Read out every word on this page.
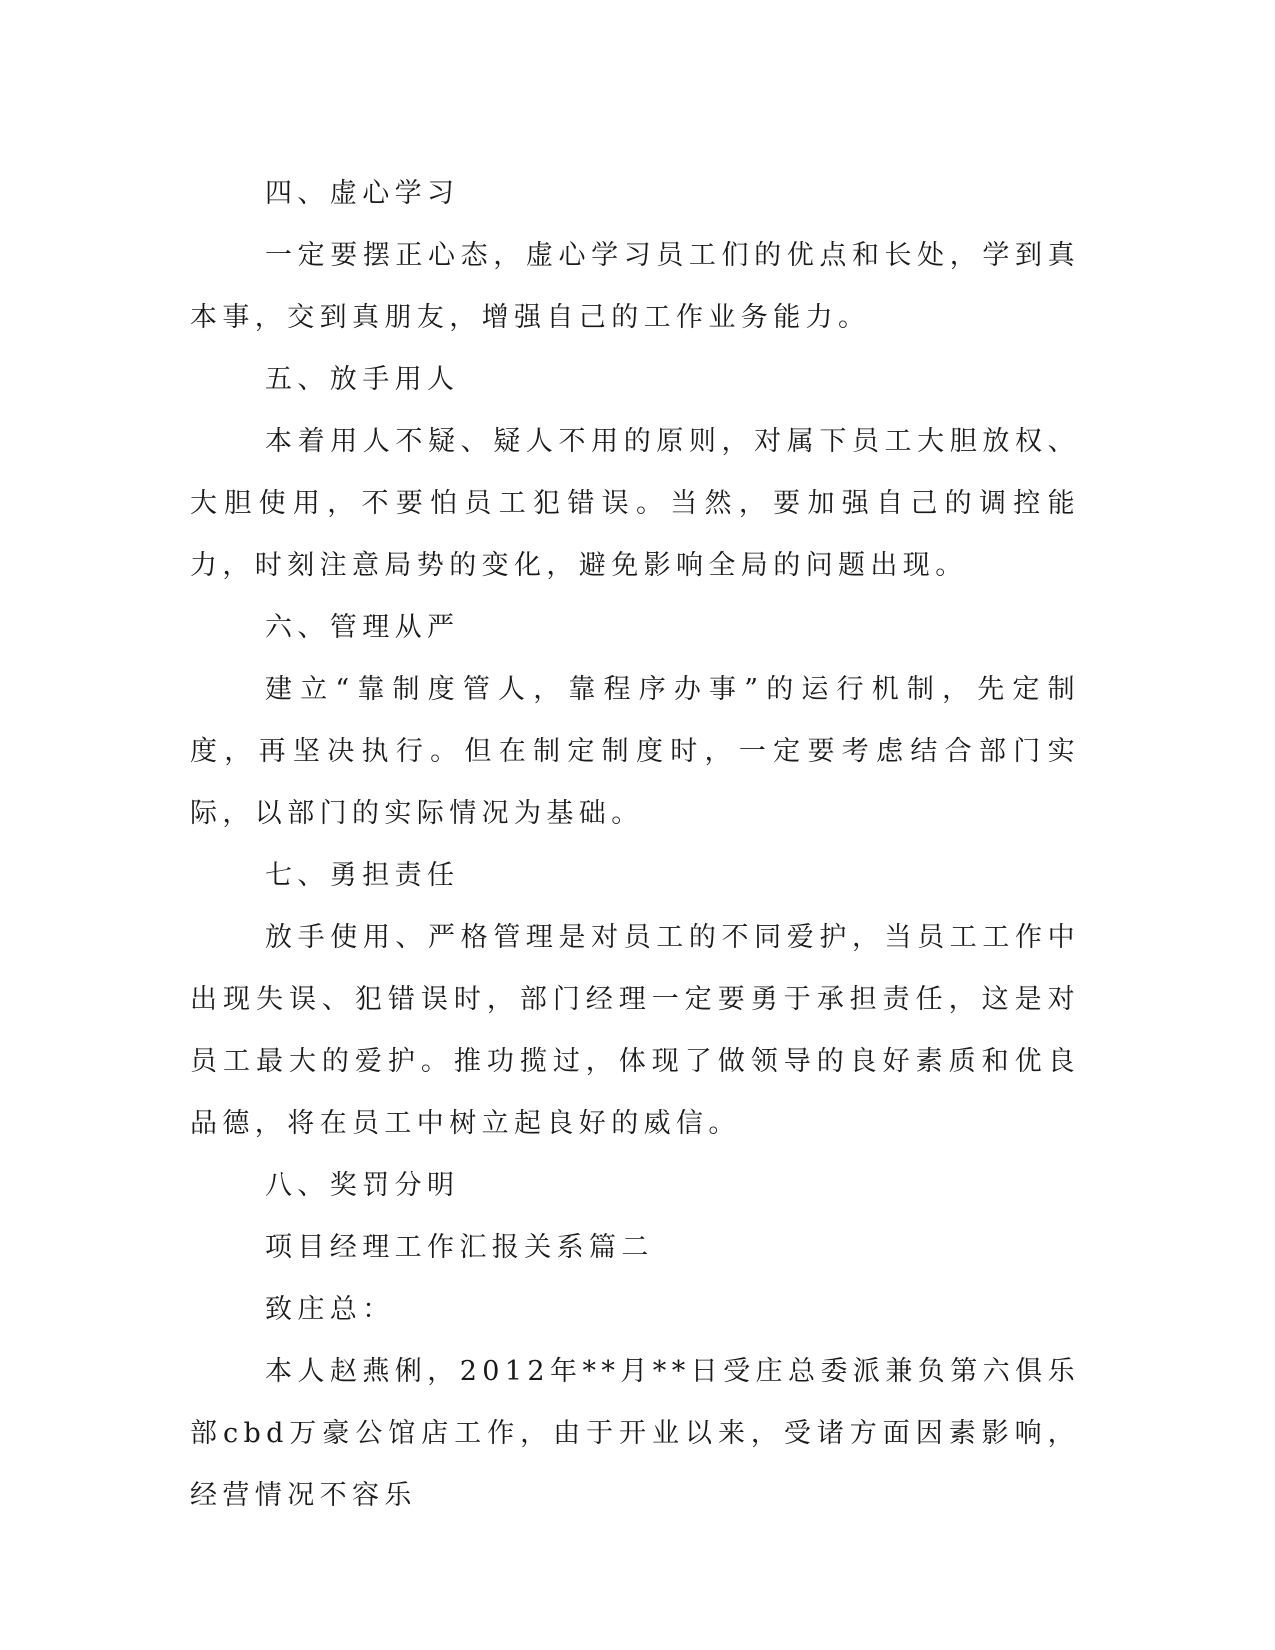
四、虚心学习

一定要摆正心态，虚心学习员工们的优点和长处，学到真本事，交到真朋友，增强自己的工作业务能力。

五、放手用人

本着用人不疑、疑人不用的原则，对属下员工大胆放权、大胆使用，不要怕员工犯错误。当然，要加强自己的调控能力，时刻注意局势的变化，避免影响全局的问题出现。

六、管理从严

建立“靠制度管人，靠程序办事”的运行机制，先定制度，再坚决执行。但在制定制度时，一定要考虑结合部门实际，以部门的实际情况为基础。

七、勇担责任

放手使用、严格管理是对员工的不同爱护，当员工工作中出现失误、犯错误时，部门经理一定要勇于承担责任，这是对员工最大的爱护。推功揽过，体现了做领导的良好素质和优良品德，将在员工中树立起良好的威信。

八、奖罚分明

项目经理工作汇报关系篇二

致庄总：

本人赵燕俐，2012年**月**日受庄总委派兼负第六俱乐部cbd万豪公馆店工作，由于开业以来，受诸方面因素影响，经营情况不容乐
